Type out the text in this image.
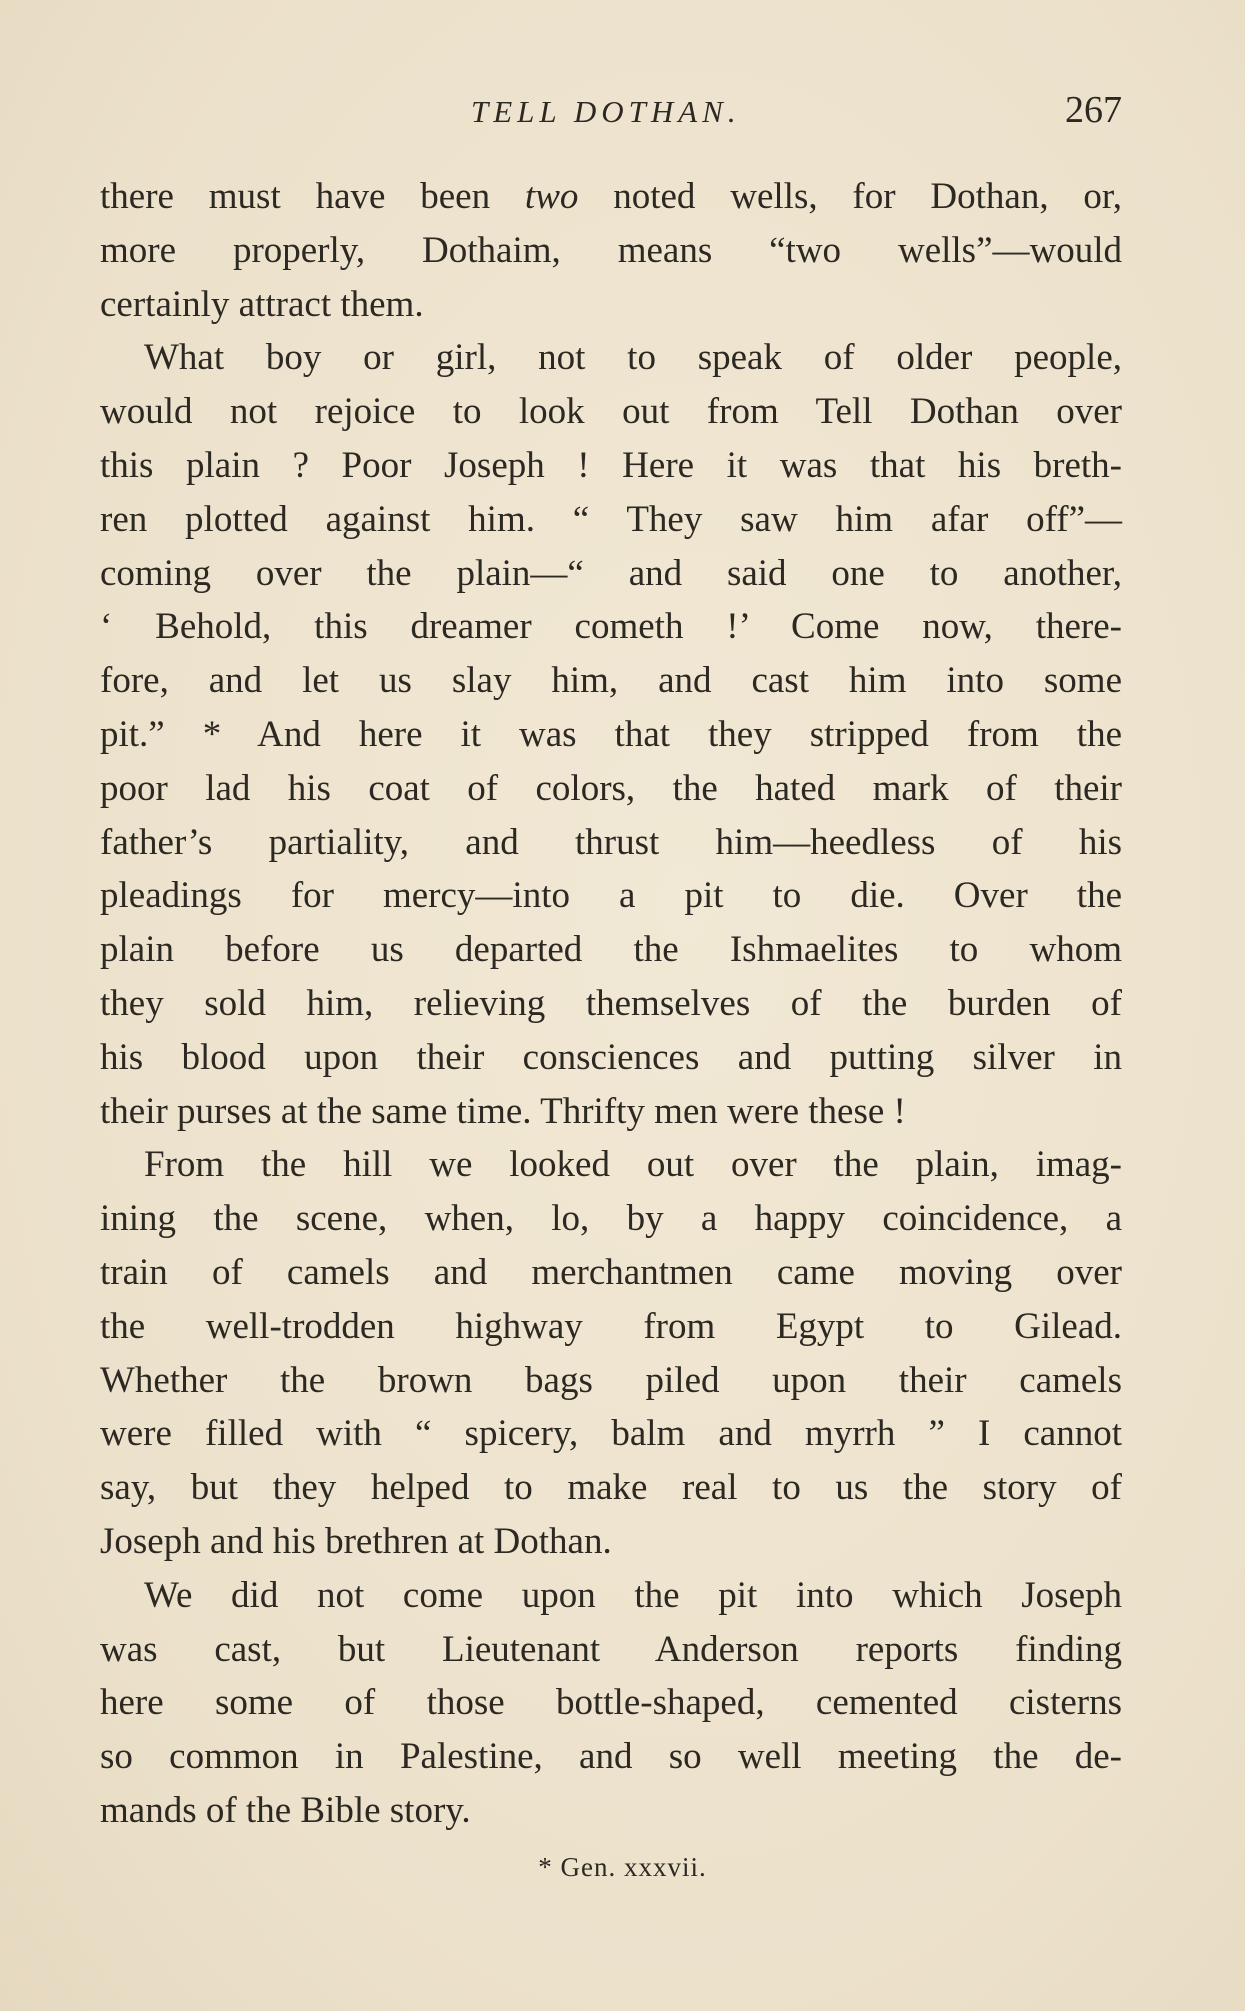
TELL DOTHAN.	267
there must have been two noted wells, for Dothan, or,
more properly, Dothaim, means “two wells”—would
certainly attract them.
What boy or girl, not to speak of older people,
would not rejoice to look out from Tell Dothan over
this plain ? Poor Joseph ! Here it was that his breth-
ren plotted against him. “ They saw him afar off”—
coming over the plain—“ and said one to another,
‘ Behold, this dreamer cometh !’ Come now, there-
fore, and let us slay him, and cast him into some
pit.” * And here it was that they stripped from the
poor lad his coat of colors, the hated mark of their
father’s partiality, and thrust him—heedless of his
pleadings for mercy—into a pit to die. Over the
plain before us departed the Ishmaelites to whom
they sold him, relieving themselves of the burden of
his blood upon their consciences and putting silver in
their purses at the same time. Thrifty men were these !
From the hill we looked out over the plain, imag-
ining the scene, when, lo, by a happy coincidence, a
train of camels and merchantmen came moving over
the well-trodden highway from Egypt to Gilead.
Whether the brown bags piled upon their camels
were filled with “ spicery, balm and myrrh ” I cannot
say, but they helped to make real to us the story of
Joseph and his brethren at Dothan.
We did not come upon the pit into which Joseph
was cast, but Lieutenant Anderson reports finding
here some of those bottle-shaped, cemented cisterns
so common in Palestine, and so well meeting the de-
mands of the Bible story.
* Gen. xxxvii.
